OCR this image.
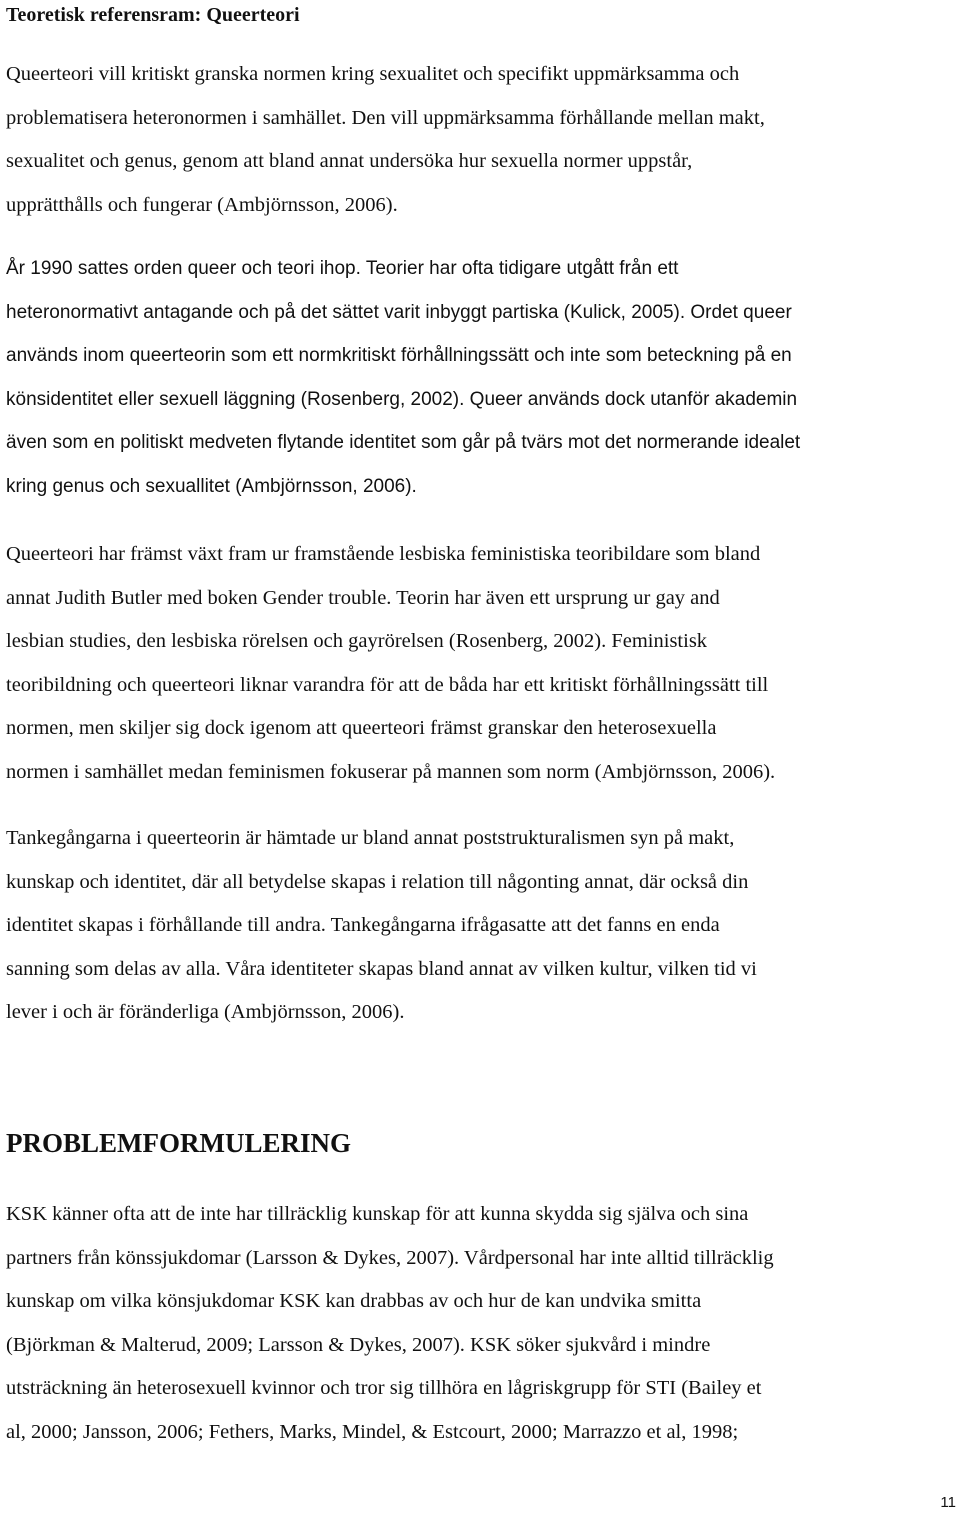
Teoretisk referensram: Queerteori

Queerteori vill kritiskt granska normen kring sexualitet och specifikt uppmärksamma och
problematisera heteronormen i samhället. Den vill uppmärksamma förhållande mellan makt,
sexualitet och genus, genom att bland annat undersöka hur sexuella normer uppstår,
upprätthålls och fungerar (Ambjörnsson, 2006).

År 1990 sattes orden queer och teori ihop. Teorier har ofta tidigare utgått från ett
heteronormativt antagande och på det sättet varit inbyggt partiska (Kulick, 2005). Ordet queer
används inom queerteorin som ett normkritiskt förhållningssätt och inte som beteckning på en
könsidentitet eller sexuell läggning (Rosenberg, 2002). Queer används dock utanför akademin
även som en politiskt medveten flytande identitet som går på tvärs mot det normerande idealet
kring genus och sexuallitet (Ambjörnsson, 2006).

Queerteori har främst växt fram ur framstående lesbiska feministiska teoribildare som bland
annat Judith Butler med boken Gender trouble. Teorin har även ett ursprung ur gay and
lesbian studies, den lesbiska rörelsen och gayrörelsen (Rosenberg, 2002). Feministisk
teoribildning och queerteori liknar varandra för att de båda har ett kritiskt förhållningssätt till
normen, men skiljer sig dock igenom att queerteori främst granskar den heterosexuella
normen i samhället medan feminismen fokuserar på mannen som norm (Ambjörnsson, 2006).

Tankegångarna i queerteorin är hämtade ur bland annat poststrukturalismen syn på makt,
kunskap och identitet, där all betydelse skapas i relation till någonting annat, där också din
identitet skapas i förhållande till andra. Tankegångarna ifrågasatte att det fanns en enda
sanning som delas av alla. Våra identiteter skapas bland annat av vilken kultur, vilken tid vi
lever i och är föränderliga (Ambjörnsson, 2006).

PROBLEMFORMULERING

KSK känner ofta att de inte har tillräcklig kunskap för att kunna skydda sig själva och sina
partners från könssjukdomar (Larsson & Dykes, 2007). Vårdpersonal har inte alltid tillräcklig
kunskap om vilka könsjukdomar KSK kan drabbas av och hur de kan undvika smitta
(Björkman & Malterud, 2009; Larsson & Dykes, 2007). KSK söker sjukvård i mindre
utsträckning än heterosexuell kvinnor och tror sig tillhöra en lågriskgrupp för STI (Bailey et
al, 2000; Jansson, 2006; Fethers, Marks, Mindel, & Estcourt, 2000; Marrazzo et al, 1998;

11
